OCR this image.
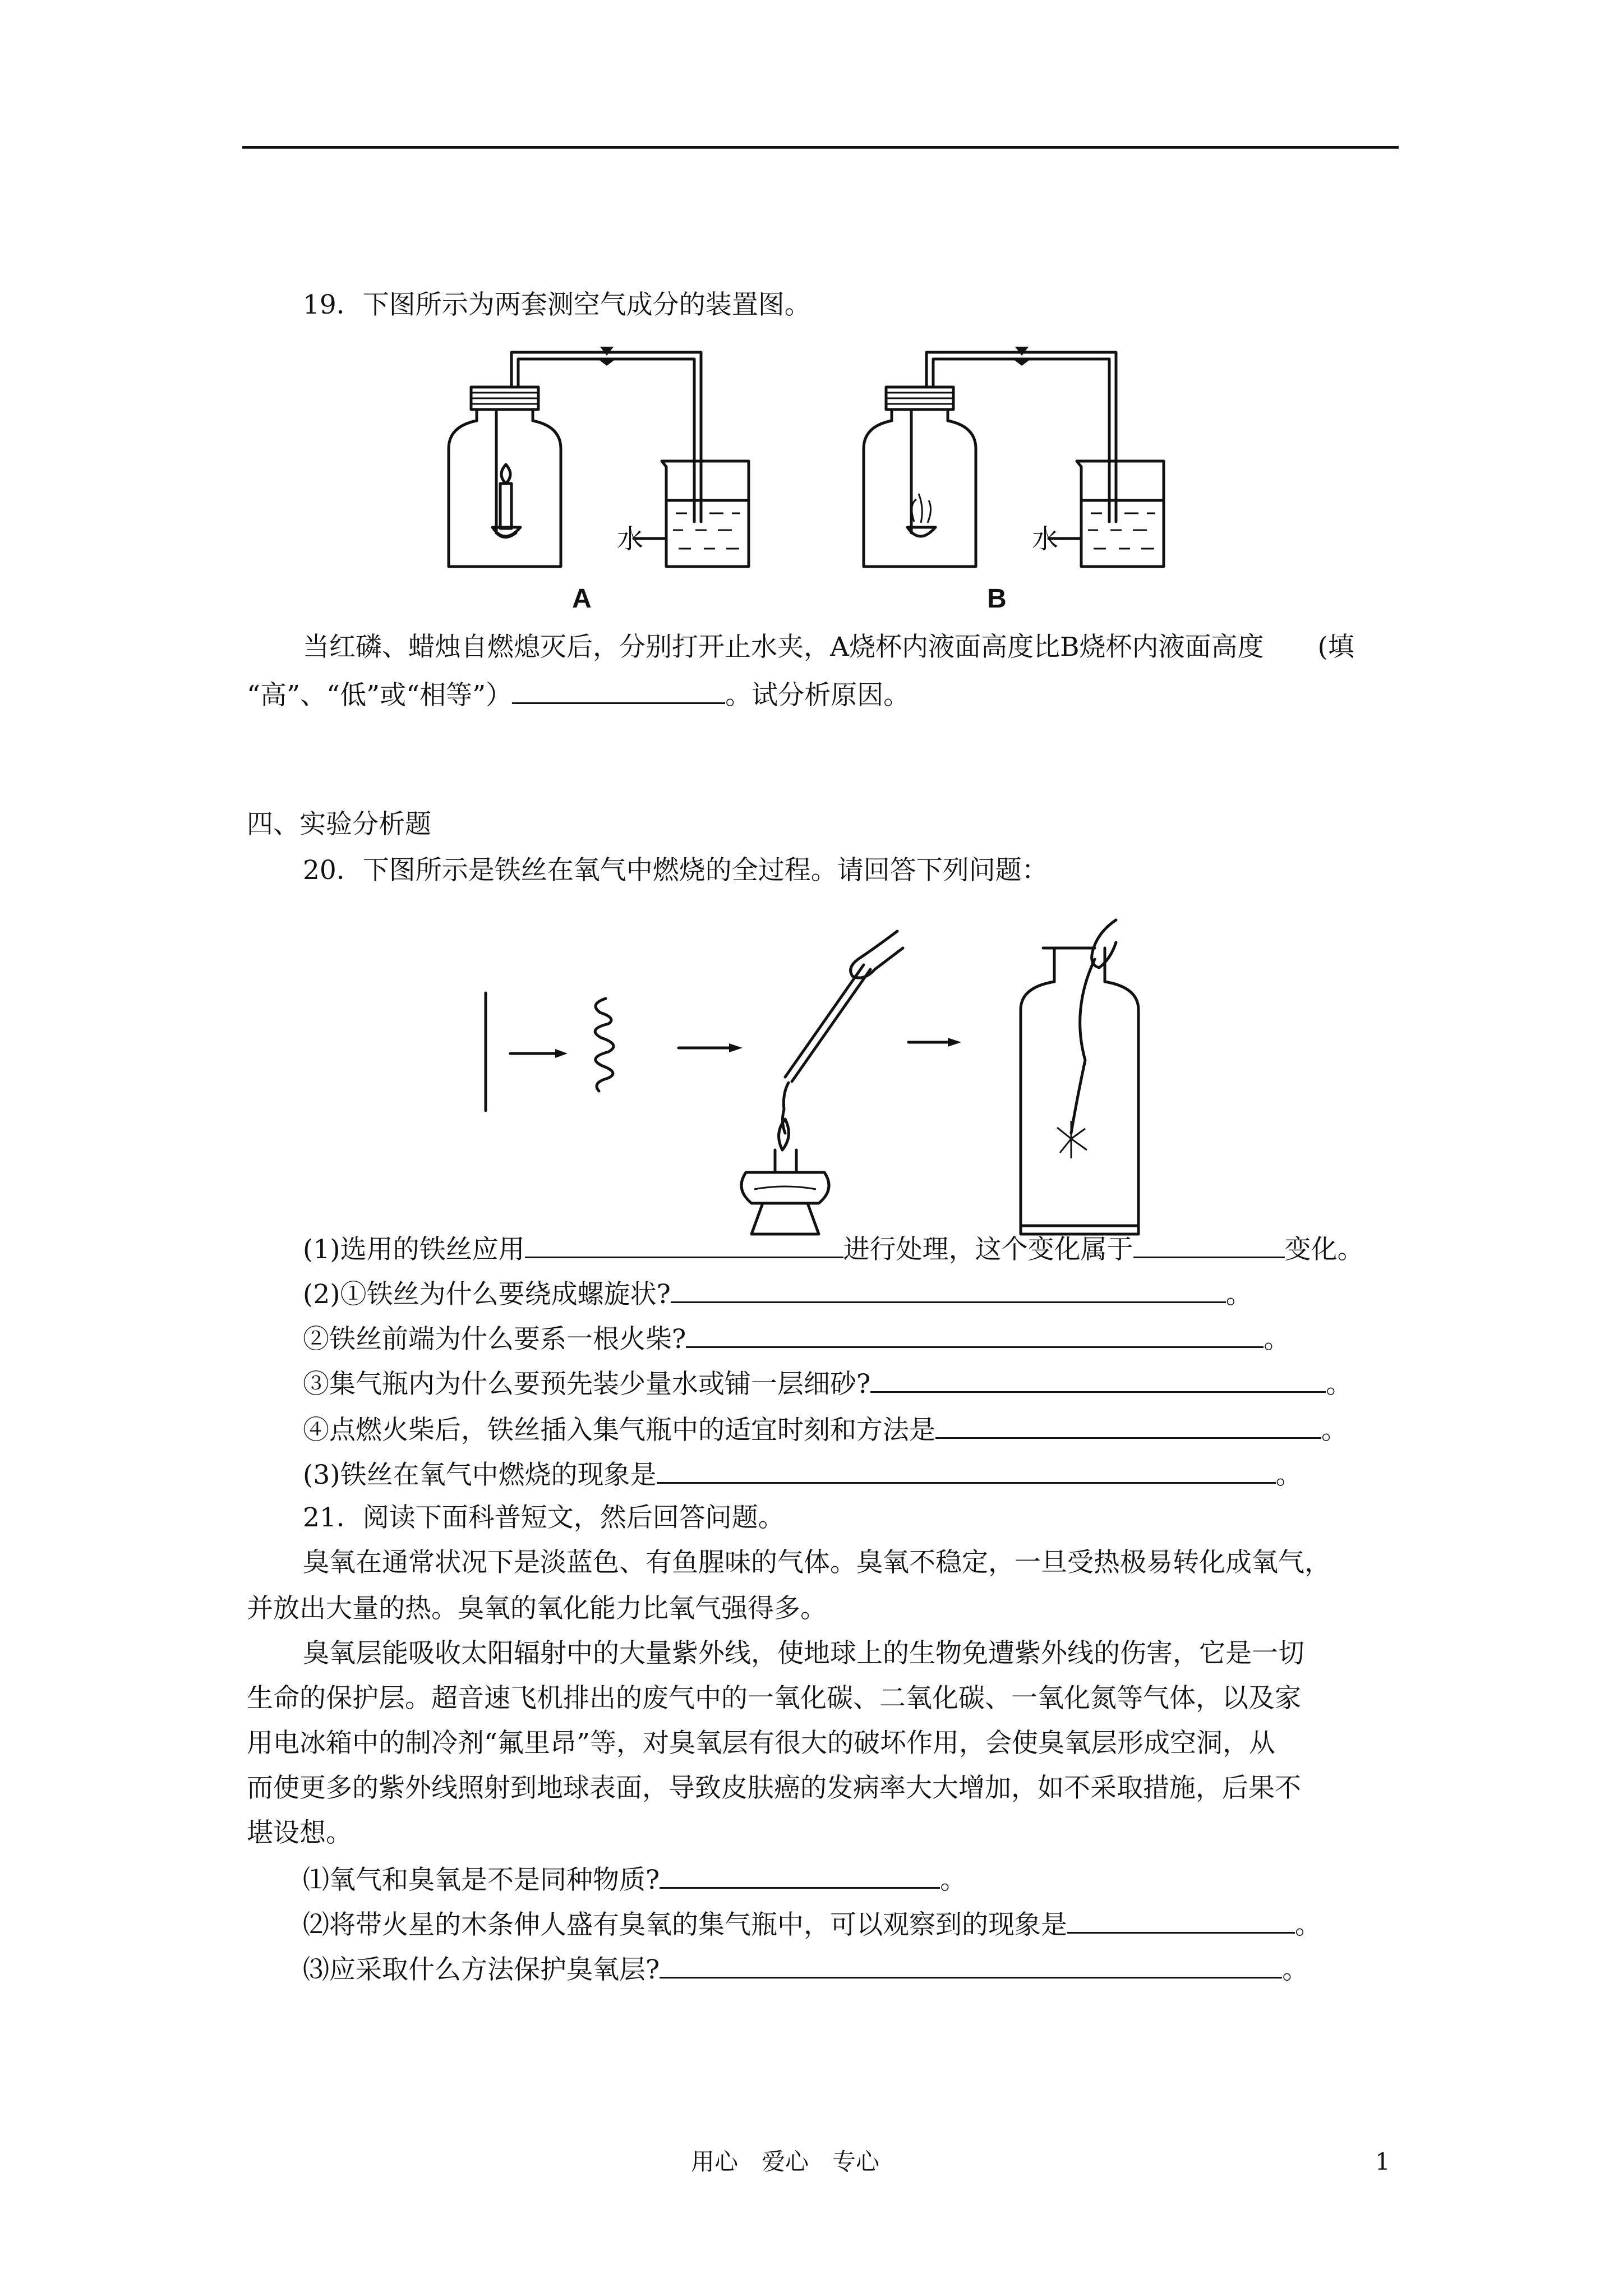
19．下图所示为两套测空气成分的装置图。
水
A
水
B
当红磷、蜡烛自燃熄灭后，分别打开止水夹，A烧杯内液面高度比B烧杯内液面高度 (填
“高”、“低”或“相等”）	。试分析原因。
四、实验分析题
20．下图所示是铁丝在氧气中燃烧的全过程。请回答下列问题：
(1)选用的铁丝应用	进行处理，这个变化属于	变化。
(2)①铁丝为什么要绕成螺旋状?	。
②铁丝前端为什么要系一根火柴?	。
③集气瓶内为什么要预先装少量水或铺一层细砂?	。
④点燃火柴后，铁丝插入集气瓶中的适宜时刻和方法是	。
(3)铁丝在氧气中燃烧的现象是	。
21．阅读下面科普短文，然后回答问题。
臭氧在通常状况下是淡蓝色、有鱼腥味的气体。臭氧不稳定，一旦受热极易转化成氧气，
并放出大量的热。臭氧的氧化能力比氧气强得多。
臭氧层能吸收太阳辐射中的大量紫外线，使地球上的生物免遭紫外线的伤害，它是一切
生命的保护层。超音速飞机排出的废气中的一氧化碳、二氧化碳、一氧化氮等气体，以及家
用电冰箱中的制冷剂“氟里昂”等，对臭氧层有很大的破坏作用，会使臭氧层形成空洞，从
而使更多的紫外线照射到地球表面，导致皮肤癌的发病率大大增加，如不采取措施，后果不
堪设想。
⑴氧气和臭氧是不是同种物质?	。
⑵将带火星的木条伸人盛有臭氧的集气瓶中，可以观察到的现象是	。
⑶应采取什么方法保护臭氧层?	。
用心　爱心　专心	1
